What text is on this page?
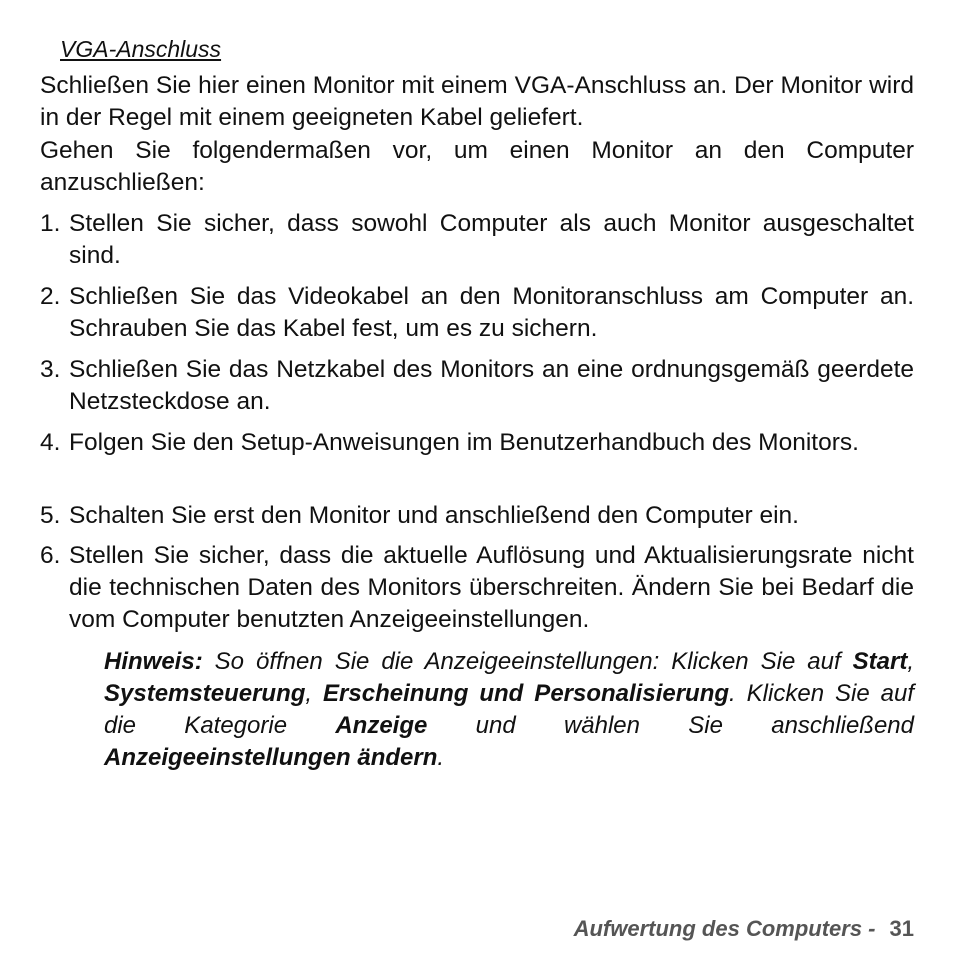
VGA-Anschluss

Schließen Sie hier einen Monitor mit einem VGA-Anschluss an. Der Monitor wird in der Regel mit einem geeigneten Kabel geliefert.

Gehen Sie folgendermaßen vor, um einen Monitor an den Computer anzuschließen:

1. Stellen Sie sicher, dass sowohl Computer als auch Monitor ausgeschaltet sind.
2. Schließen Sie das Videokabel an den Monitoranschluss am Computer an. Schrauben Sie das Kabel fest, um es zu sichern.
3. Schließen Sie das Netzkabel des Monitors an eine ordnungsgemäß geerdete Netzsteckdose an.
4. Folgen Sie den Setup-Anweisungen im Benutzerhandbuch des Monitors.
5. Schalten Sie erst den Monitor und anschließend den Computer ein.
6. Stellen Sie sicher, dass die aktuelle Auflösung und Aktualisierungsrate nicht die technischen Daten des Monitors überschreiten. Ändern Sie bei Bedarf die vom Computer benutzten Anzeigeeinstellungen.

Hinweis: So öffnen Sie die Anzeigeeinstellungen: Klicken Sie auf Start, Systemsteuerung, Erscheinung und Personalisierung. Klicken Sie auf die Kategorie Anzeige und wählen Sie anschließend Anzeigeeinstellungen ändern.

Aufwertung des Computers - 31
